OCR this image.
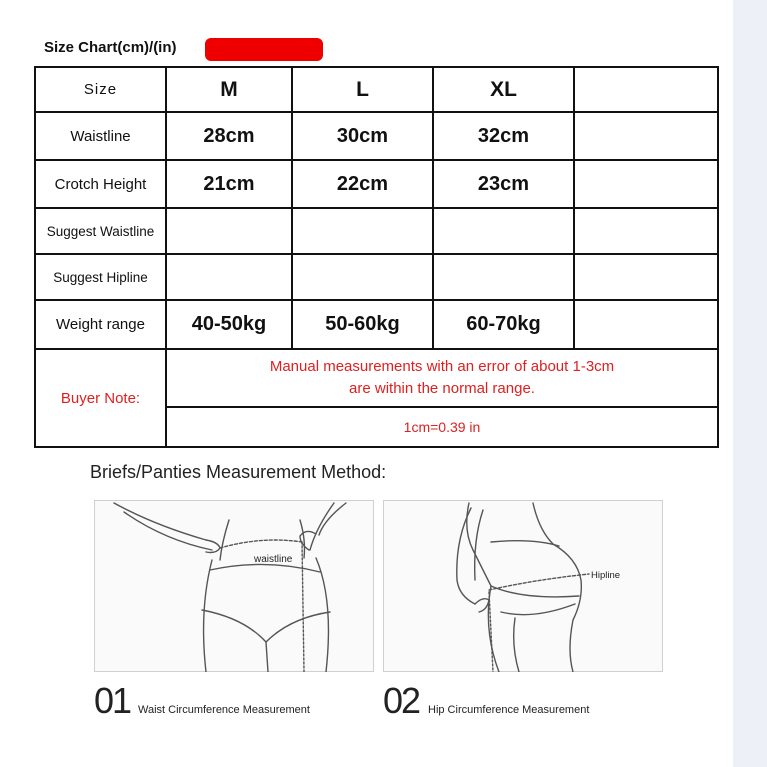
Size Chart(cm)/(in)
Size	M	L	XL	
Waistline	28cm	30cm	32cm	
Crotch Height	21cm	22cm	23cm	
Suggest Waistline				
Suggest Hipline				
Weight range	40-50kg	50-60kg	60-70kg	
Buyer Note:	Manual measurements with an error of about 1-3cm are within the normal range.			
	1cm=0.39 in			
Briefs/Panties Measurement Method:
waistline
Hipline
01 Waist Circumference Measurement 02 Hip Circumference Measurement
